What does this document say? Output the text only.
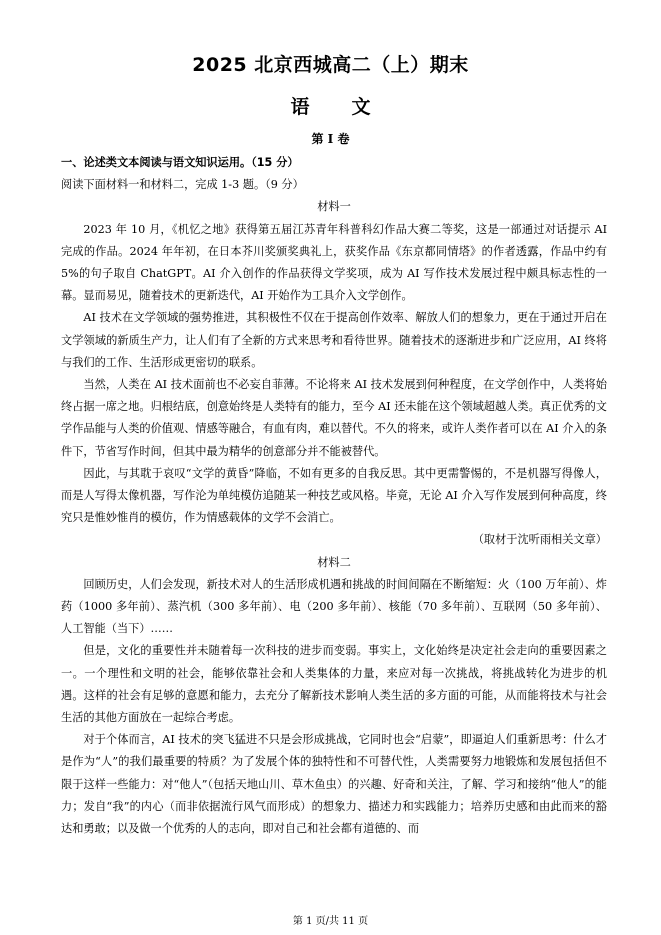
2025 北京西城高二（上）期末
语文
第 I 卷
一、论述类文本阅读与语文知识运用。（15 分）
阅读下面材料一和材料二，完成 1-3 题。（9 分）
材料一

2023 年 10 月，《机忆之地》获得第五届江苏青年科普科幻作品大赛二等奖，这是一部通过对话提示 AI 完成的作品。2024 年年初，在日本芥川奖颁奖典礼上，获奖作品《东京都同情塔》的作者透露，作品中约有 5%的句子取自 ChatGPT。AI 介入创作的作品获得文学奖项，成为 AI 写作技术发展过程中颇具标志性的一幕。显而易见，随着技术的更新迭代，AI 开始作为工具介入文学创作。

AI 技术在文学领域的强势推进，其积极性不仅在于提高创作效率、解放人们的想象力，更在于通过开启在文学领域的新质生产力，让人们有了全新的方式来思考和看待世界。随着技术的逐渐进步和广泛应用，AI 终将与我们的工作、生活形成更密切的联系。

当然，人类在 AI 技术面前也不必妄自菲薄。不论将来 AI 技术发展到何种程度，在文学创作中，人类将始终占据一席之地。归根结底，创意始终是人类特有的能力，至今 AI 还未能在这个领域超越人类。真正优秀的文学作品能与人类的价值观、情感等融合，有血有肉，难以替代。不久的将来，或许人类作者可以在 AI 介入的条件下，节省写作时间，但其中最为精华的创意部分并不能被替代。

因此，与其耽于哀叹“文学的黄昏”降临，不如有更多的自我反思。其中更需警惕的，不是机器写得像人，而是人写得太像机器，写作沦为单纯模仿追随某一种技艺或风格。毕竟，无论 AI 介入写作发展到何种高度，终究只是惟妙惟肖的模仿，作为情感载体的文学不会消亡。

（取材于沈听雨相关文章）
材料二

回顾历史，人们会发现，新技术对人的生活形成机遇和挑战的时间间隔在不断缩短：火（100 万年前）、炸药（1000 多年前）、蒸汽机（300 多年前）、电（200 多年前）、核能（70 多年前）、互联网（50 多年前）、人工智能（当下）……

但是，文化的重要性并未随着每一次科技的进步而变弱。事实上，文化始终是决定社会走向的重要因素之一。一个理性和文明的社会，能够依靠社会和人类集体的力量，来应对每一次挑战，将挑战转化为进步的机遇。这样的社会有足够的意愿和能力，去充分了解新技术影响人类生活的多方面的可能，从而能将技术与社会生活的其他方面放在一起综合考虑。

对于个体而言，AI 技术的突飞猛进不只是会形成挑战，它同时也会“启蒙”，即逼迫人们重新思考：什么才是作为“人”的我们最重要的特质？为了发展个体的独特性和不可替代性，人类需要努力地锻炼和发展包括但不限于这样一些能力：对“他人”（包括天地山川、草木鱼虫）的兴趣、好奇和关注，了解、学习和接纳“他人”的能力；发自“我”的内心（而非依据流行风气而形成）的想象力、描述力和实践能力；培养历史感和由此而来的豁达和勇敢；以及做一个优秀的人的志向，即对自己和社会都有道德的、而

第 1 页/共 11 页
